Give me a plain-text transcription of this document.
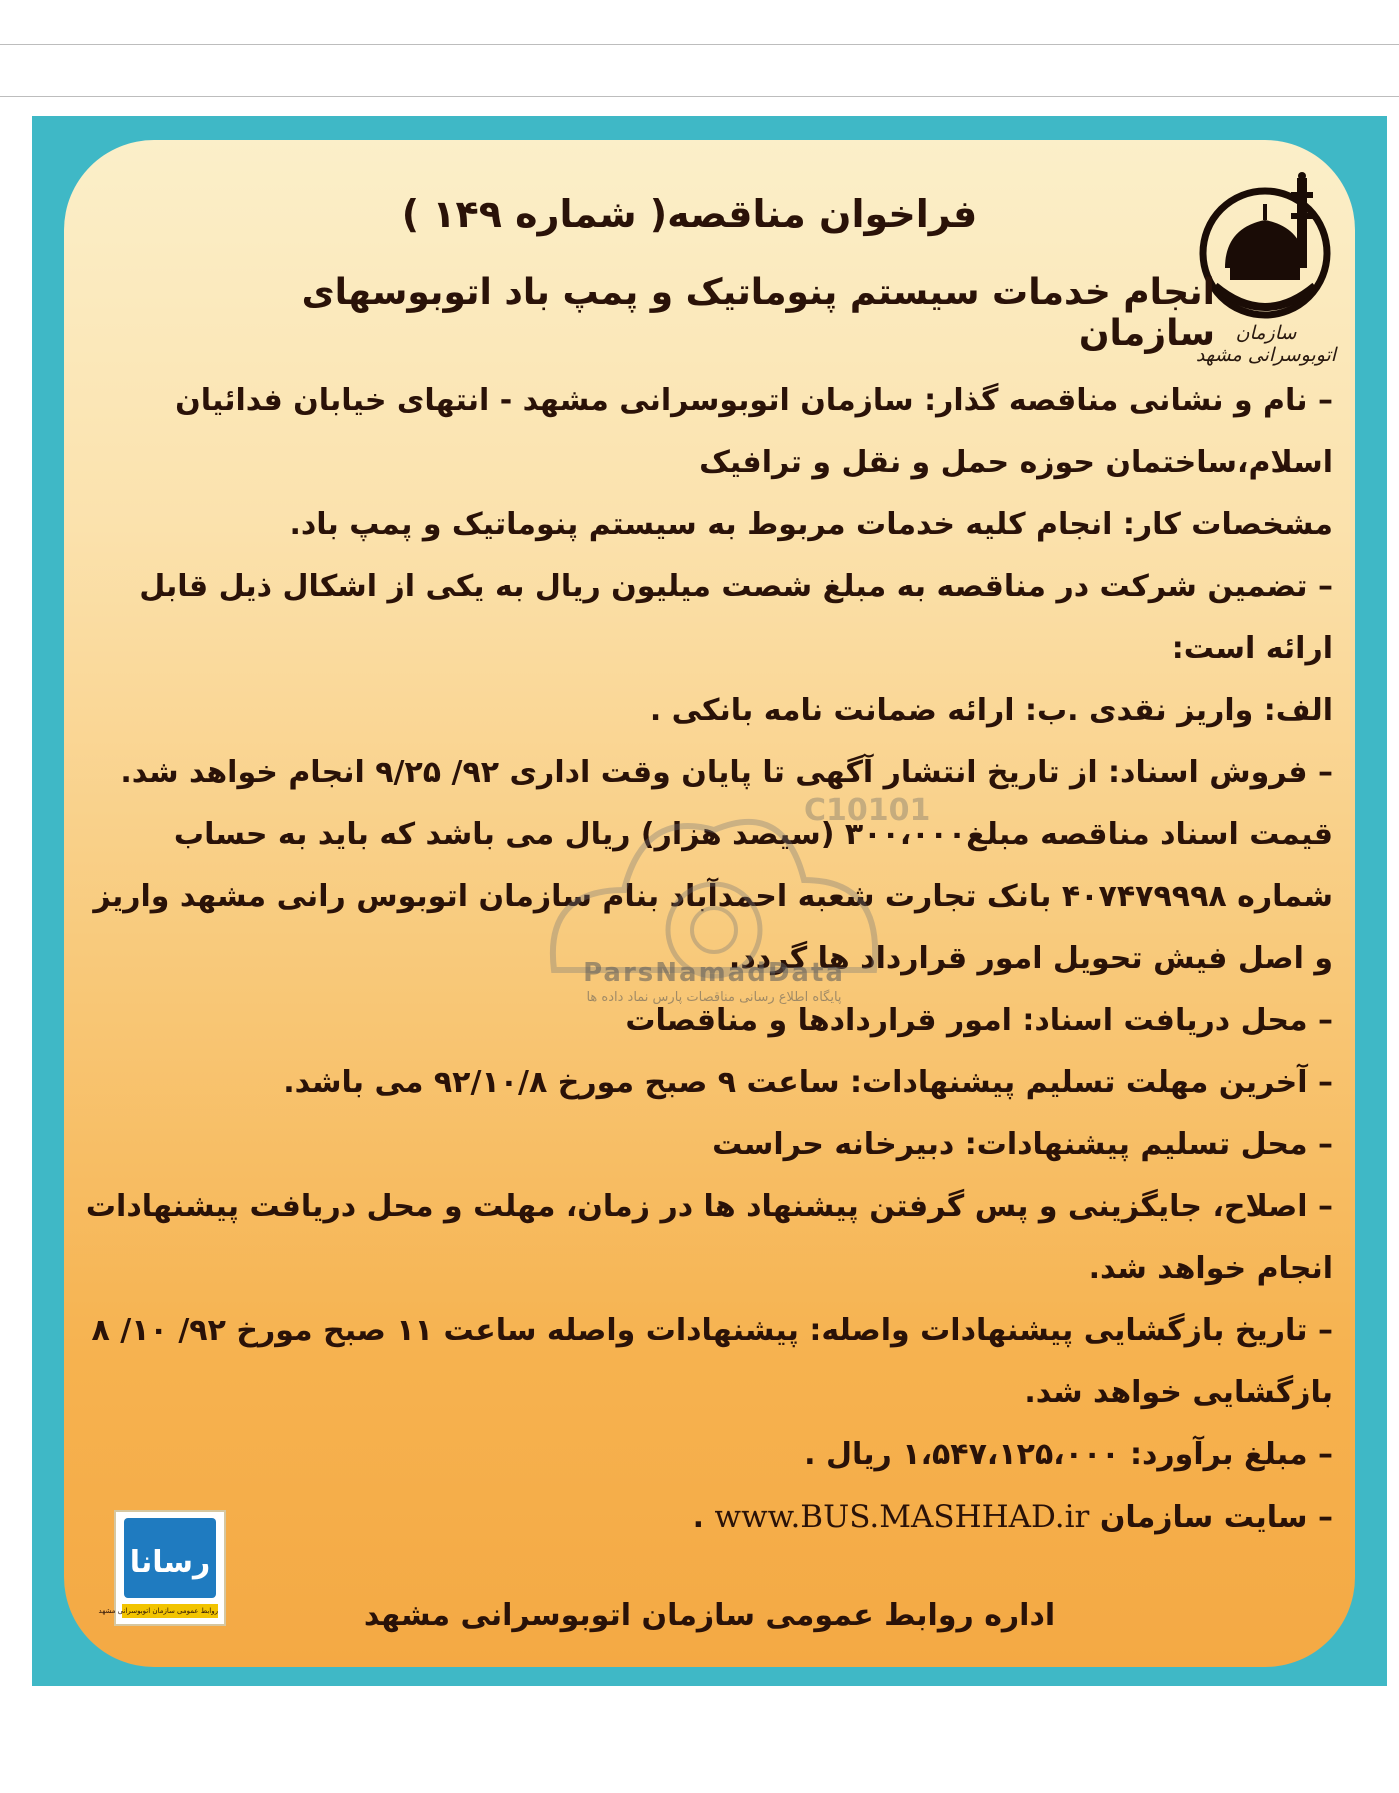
سازمان اتوبوسرانی مشهد
فراخوان مناقصه( شماره ۱۴۹ )
انجام خدمات سیستم پنوماتیک و پمپ باد اتوبوسهای سازمان

– نام و نشانی مناقصه گذار: سازمان اتوبوسرانی مشهد - انتهای خیابان فدائیان اسلام،ساختمان حوزه حمل و نقل و ترافیک

مشخصات کار: انجام کلیه خدمات مربوط به سیستم پنوماتیک و پمپ باد.

– تضمین شرکت در مناقصه به مبلغ شصت میلیون ریال به یکی از اشکال ذیل قابل ارائه است:

الف: واریز نقدی .ب: ارائه ضمانت نامه بانکی .

– فروش اسناد: از تاریخ انتشار آگهی تا پایان وقت اداری ۹۲/ ۹/۲۵ انجام خواهد شد. قیمت اسناد مناقصه مبلغ۳۰۰،۰۰۰ (سیصد هزار) ریال می باشد که باید به حساب شماره ۴۰۷۴۷۹۹۹۸ بانک تجارت شعبه احمدآباد بنام سازمان اتوبوس رانی مشهد واریز و اصل فیش تحویل امور قرارداد ها گردد.

– محل دریافت اسناد: امور قراردادها و مناقصات

– آخرین مهلت تسلیم پیشنهادات: ساعت ۹ صبح مورخ ۹۲/۱۰/۸ می باشد.

– محل تسلیم پیشنهادات: دبیرخانه حراست

– اصلاح، جایگزینی و پس گرفتن پیشنهاد ها در زمان، مهلت و محل دریافت پیشنهادات انجام خواهد شد.

– تاریخ بازگشایی پیشنهادات واصله: پیشنهادات واصله ساعت ۱۱ صبح مورخ ۹۲/ ۱۰/ ۸ بازگشایی خواهد شد.

– مبلغ برآورد: ۱،۵۴۷،۱۲۵،۰۰۰ ریال .

– سایت سازمان www.BUS.MASHHAD.ir .

C10101
ParsNamadData
پایگاه اطلاع رسانی مناقصات پارس نماد داده ها
اداره روابط عمومی سازمان اتوبوسرانی مشهد
رسانا
روابط عمومی سازمان اتوبوسرانی مشهد
